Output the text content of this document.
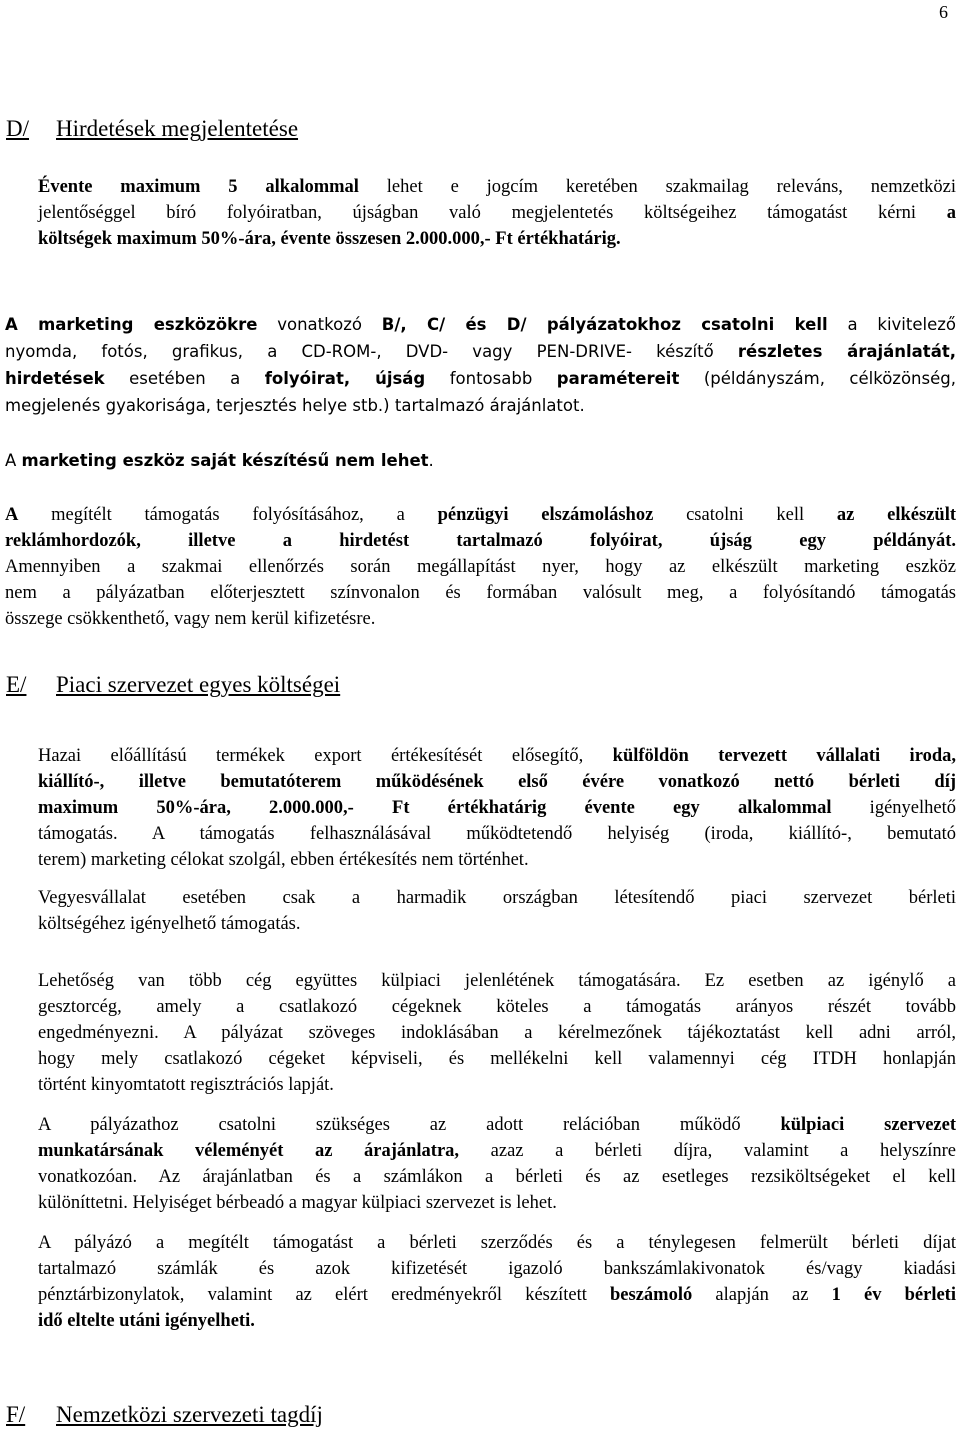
6
D/ Hirdetések megjelentetése
Évente maximum 5 alkalommal lehet e jogcím keretében szakmailag releváns, nemzetközi
jelentőséggel bíró folyóiratban, újságban való megjelentetés költségeihez támogatást kérni a
költségek maximum 50%-ára, évente összesen 2.000.000,- Ft értékhatárig.
A marketing eszközökre vonatkozó B/, C/ és D/ pályázatokhoz csatolni kell a kivitelező
nyomda, fotós, grafikus, a CD-ROM-, DVD- vagy PEN-DRIVE- készítő részletes árajánlatát,
hirdetések esetében a folyóirat, újság fontosabb paramétereit (példányszám, célközönség,
megjelenés gyakorisága, terjesztés helye stb.) tartalmazó árajánlatot.
A marketing eszköz saját készítésű nem lehet.
A megítélt támogatás folyósításához, a pénzügyi elszámoláshoz csatolni kell az elkészült
reklámhordozók, illetve a hirdetést tartalmazó folyóirat, újság egy példányát.
Amennyiben a szakmai ellenőrzés során megállapítást nyer, hogy az elkészült marketing eszköz
nem a pályázatban előterjesztett színvonalon és formában valósult meg, a folyósítandó támogatás
összege csökkenthető, vagy nem kerül kifizetésre.
E/ Piaci szervezet egyes költségei
Hazai előállítású termékek export értékesítését elősegítő, külföldön tervezett vállalati iroda,
kiállító-, illetve bemutatóterem működésének első évére vonatkozó nettó bérleti díj
maximum 50%-ára, 2.000.000,- Ft értékhatárig évente egy alkalommal igényelhető
támogatás. A támogatás felhasználásával működtetendő helyiség (iroda, kiállító-, bemutató
terem) marketing célokat szolgál, ebben értékesítés nem történhet.
Vegyesvállalat esetében csak a harmadik országban létesítendő piaci szervezet bérleti
költségéhez igényelhető támogatás.
Lehetőség van több cég együttes külpiaci jelenlétének támogatására. Ez esetben az igénylő a
gesztorcég, amely a csatlakozó cégeknek köteles a támogatás arányos részét tovább
engedményezni. A pályázat szöveges indoklásában a kérelmezőnek tájékoztatást kell adni arról,
hogy mely csatlakozó cégeket képviseli, és mellékelni kell valamennyi cég ITDH honlapján
történt kinyomtatott regisztrációs lapját.
A pályázathoz csatolni szükséges az adott relációban működő külpiaci szervezet
munkatársának véleményét az árajánlatra, azaz a bérleti díjra, valamint a helyszínre
vonatkozóan. Az árajánlatban és a számlákon a bérleti és az esetleges rezsiköltségeket el kell
különíttetni. Helyiséget bérbeadó a magyar külpiaci szervezet is lehet.
A pályázó a megítélt támogatást a bérleti szerződés és a ténylegesen felmerült bérleti díjat
tartalmazó számlák és azok kifizetését igazoló bankszámlakivonatok és/vagy kiadási
pénztárbizonylatok, valamint az elért eredményekről készített beszámoló alapján az 1 év bérleti
idő eltelte utáni igényelheti.
F/ Nemzetközi szervezeti tagdíj
